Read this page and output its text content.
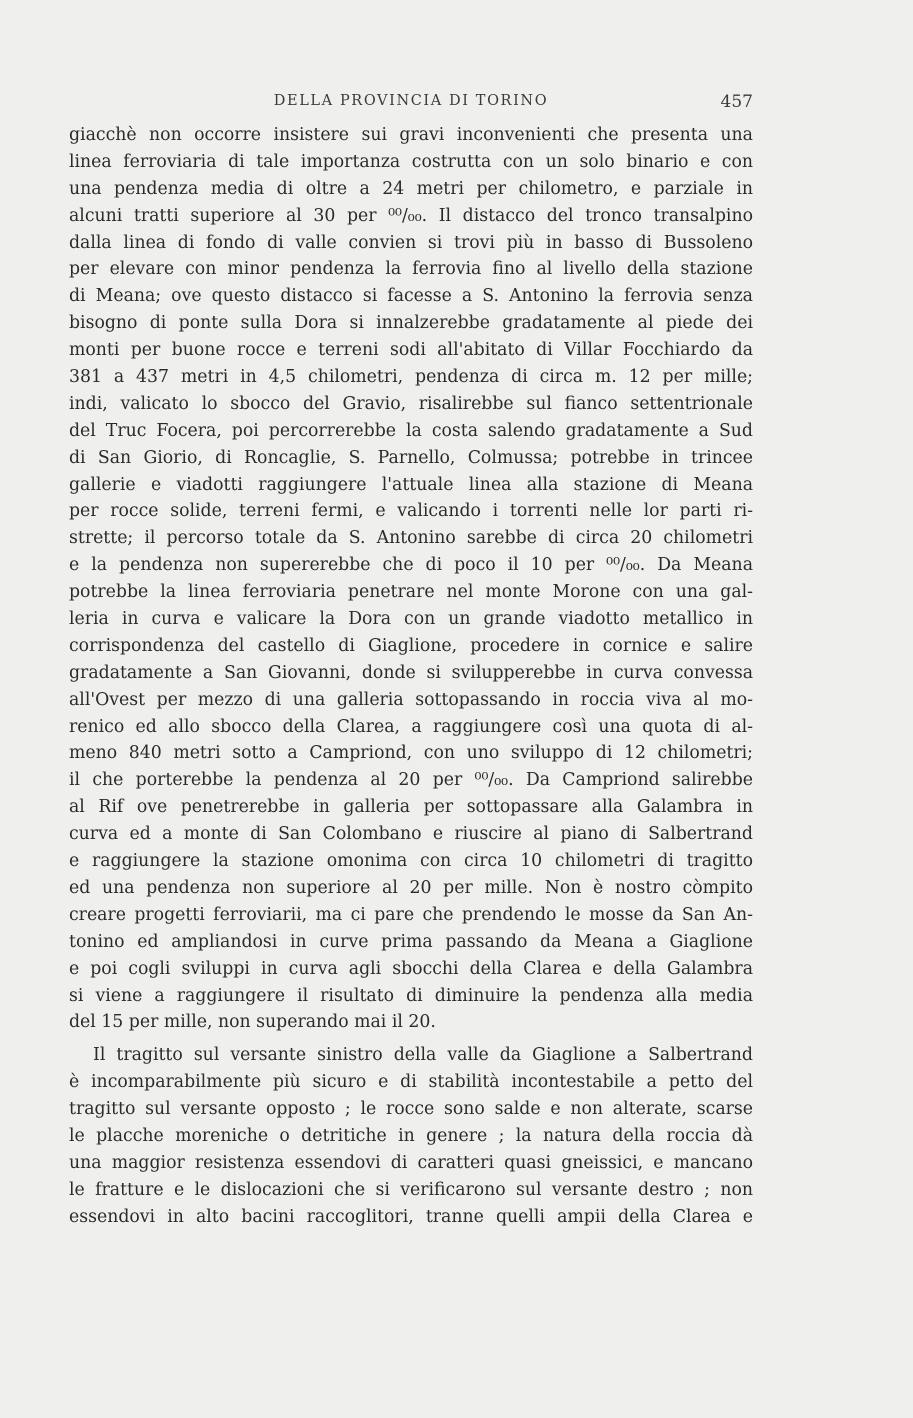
DELLA PROVINCIA DI TORINO	457
giacchè non occorre insistere sui gravi inconvenienti che presenta una
linea ferroviaria di tale importanza costrutta con un solo binario e con
una pendenza media di oltre a 24 metri per chilometro, e parziale in
alcuni tratti superiore al 30 per ⁰⁰/₀₀. Il distacco del tronco transalpino
dalla linea di fondo di valle convien si trovi più in basso di Bussoleno
per elevare con minor pendenza la ferrovia fino al livello della stazione
di Meana; ove questo distacco si facesse a S. Antonino la ferrovia senza
bisogno di ponte sulla Dora si innalzerebbe gradatamente al piede dei
monti per buone rocce e terreni sodi all'abitato di Villar Focchiardo da
381 a 437 metri in 4,5 chilometri, pendenza di circa m. 12 per mille;
indi, valicato lo sbocco del Gravio, risalirebbe sul fianco settentrionale
del Truc Focera, poi percorrerebbe la costa salendo gradatamente a Sud
di San Giorio, di Roncaglie, S. Parnello, Colmussa; potrebbe in trincee
gallerie e viadotti raggiungere l'attuale linea alla stazione di Meana
per rocce solide, terreni fermi, e valicando i torrenti nelle lor parti ri-
strette; il percorso totale da S. Antonino sarebbe di circa 20 chilometri
e la pendenza non supererebbe che di poco il 10 per ⁰⁰/₀₀. Da Meana
potrebbe la linea ferroviaria penetrare nel monte Morone con una gal-
leria in curva e valicare la Dora con un grande viadotto metallico in
corrispondenza del castello di Giaglione, procedere in cornice e salire
gradatamente a San Giovanni, donde si svilupperebbe in curva convessa
all'Ovest per mezzo di una galleria sottopassando in roccia viva al mo-
renico ed allo sbocco della Clarea, a raggiungere così una quota di al-
meno 840 metri sotto a Campriond, con uno sviluppo di 12 chilometri;
il che porterebbe la pendenza al 20 per ⁰⁰/₀₀. Da Campriond salirebbe
al Rif ove penetrerebbe in galleria per sottopassare alla Galambra in
curva ed a monte di San Colombano e riuscire al piano di Salbertrand
e raggiungere la stazione omonima con circa 10 chilometri di tragitto
ed una pendenza non superiore al 20 per mille. Non è nostro còmpito
creare progetti ferroviarii, ma ci pare che prendendo le mosse da San An-
tonino ed ampliandosi in curve prima passando da Meana a Giaglione
e poi cogli sviluppi in curva agli sbocchi della Clarea e della Galambra
si viene a raggiungere il risultato di diminuire la pendenza alla media
del 15 per mille, non superando mai il 20.
Il tragitto sul versante sinistro della valle da Giaglione a Salbertrand
è incomparabilmente più sicuro e di stabilità incontestabile a petto del
tragitto sul versante opposto ; le rocce sono salde e non alterate, scarse
le placche moreniche o detritiche in genere ; la natura della roccia dà
una maggior resistenza essendovi di caratteri quasi gneissici, e mancano
le fratture e le dislocazioni che si verificarono sul versante destro ; non
essendovi in alto bacini raccoglitori, tranne quelli ampii della Clarea e
